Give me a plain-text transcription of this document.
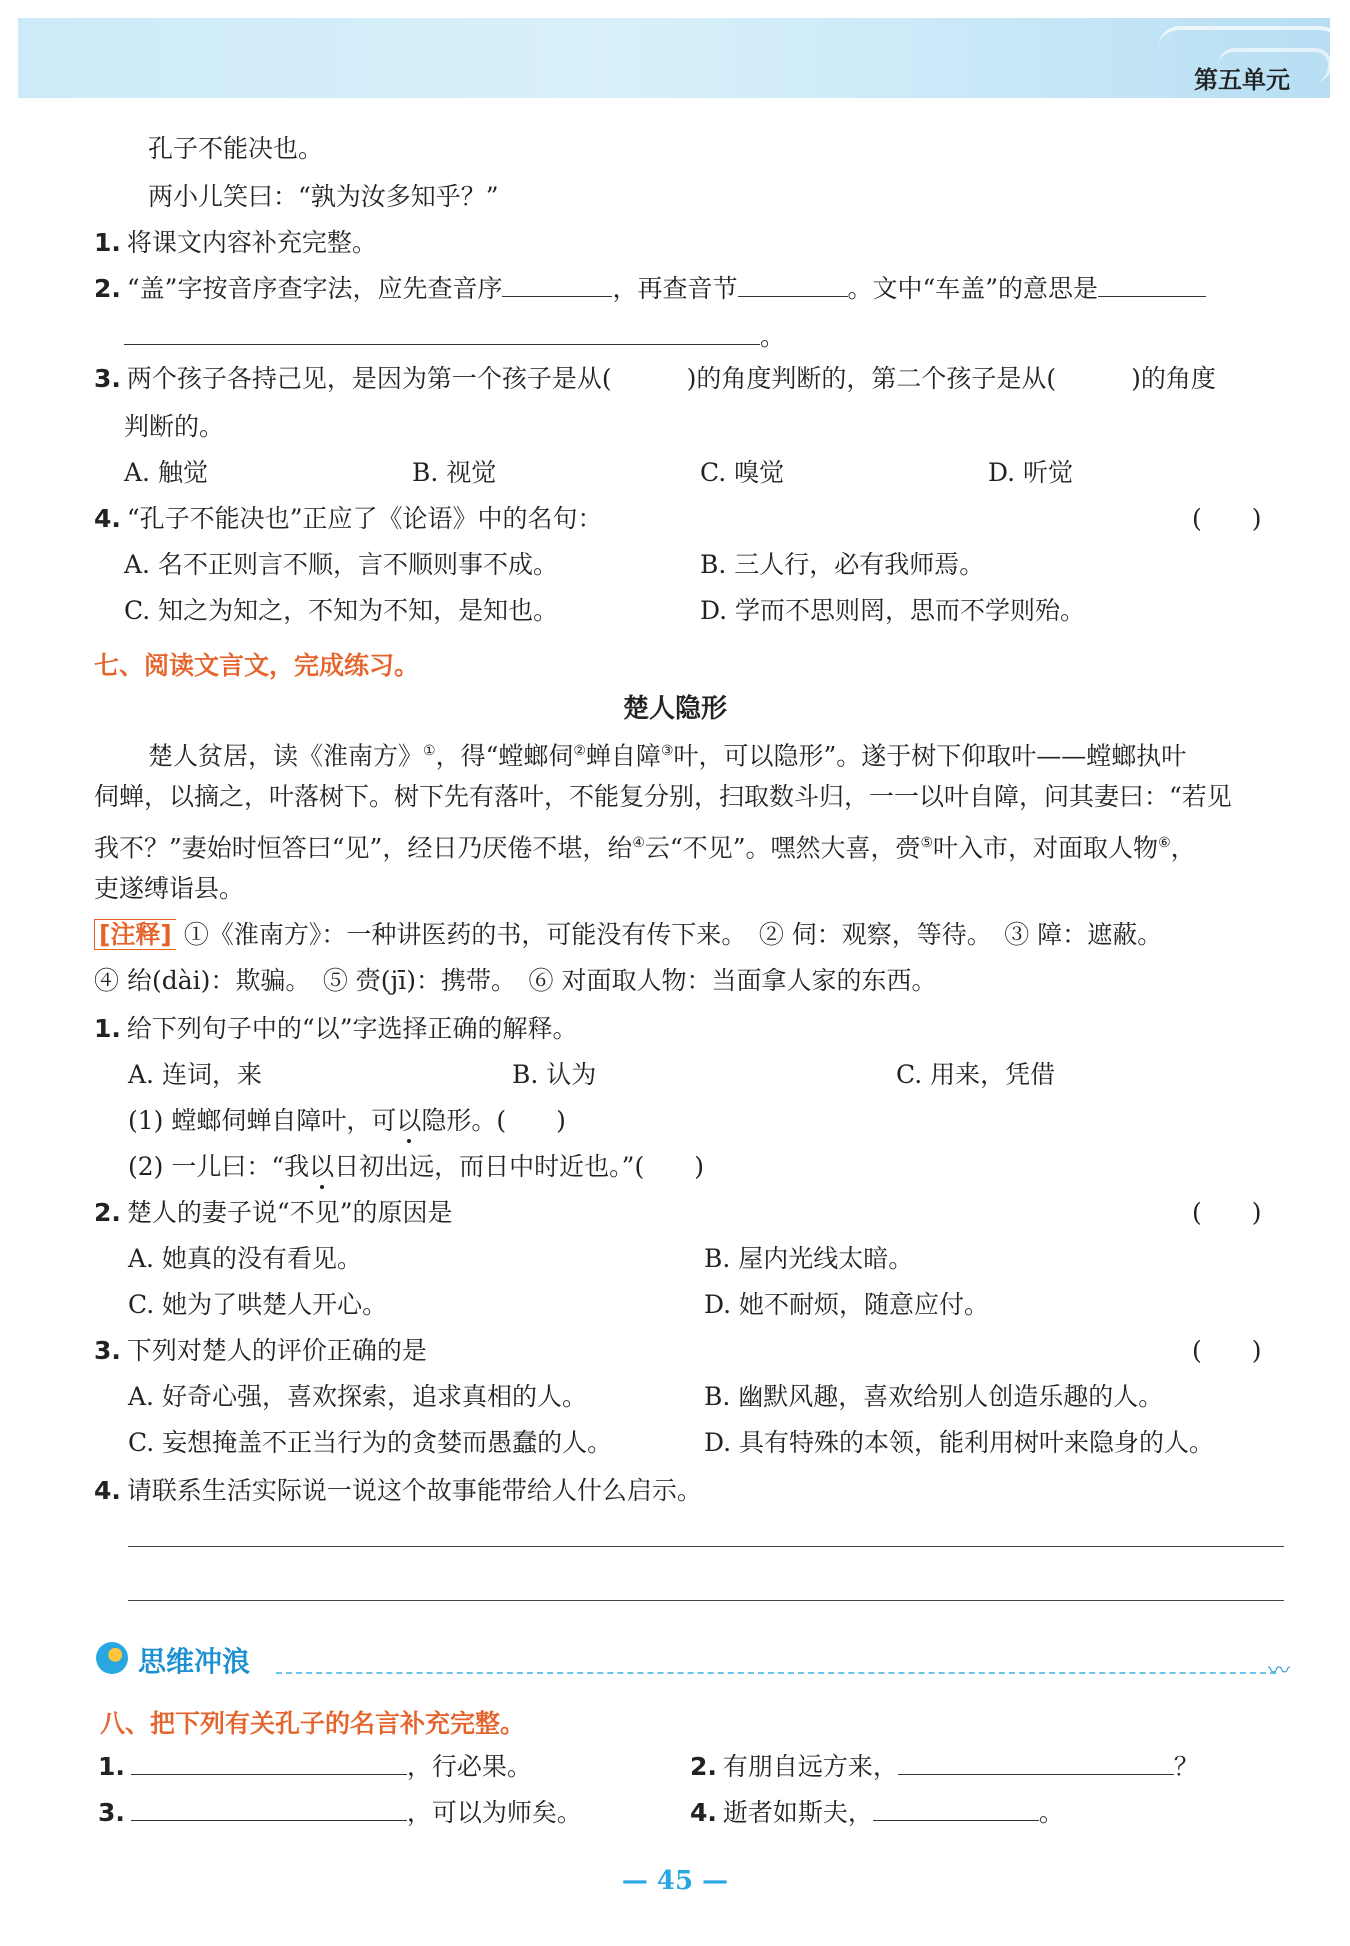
第五单元
孔子不能决也。
两小儿笑曰：“孰为汝多知乎？”
1. 将课文内容补充完整。
2. “盖”字按音序查字法，应先查音序	，再查音节	。文中“车盖”的意思是
。
3. 两个孩子各持己见，是因为第一个孩子是从(　　　)的角度判断的，第二个孩子是从(　　　)的角度
判断的。
A. 触觉	B. 视觉	C. 嗅觉	D. 听觉
4. “孔子不能决也”正应了《论语》中的名句：	(　　)
A. 名不正则言不顺，言不顺则事不成。	B. 三人行，必有我师焉。
C. 知之为知之，不知为不知，是知也。	D. 学而不思则罔，思而不学则殆。
七、阅读文言文，完成练习。
楚人隐形
楚人贫居，读《淮南方》①，得“螳螂伺②蝉自障③叶，可以隐形”。遂于树下仰取叶——螳螂执叶
伺蝉，以摘之，叶落树下。树下先有落叶，不能复分别，扫取数斗归，一一以叶自障，问其妻曰：“若见
我不？”妻始时恒答曰“见”，经日乃厌倦不堪，绐④云“不见”。嘿然大喜，赍⑤叶入市，对面取人物⑥，
吏遂缚诣县。
[注释] ①《淮南方》：一种讲医药的书，可能没有传下来。　② 伺：观察，等待。　③ 障：遮蔽。
④ 绐(dài)：欺骗。　⑤ 赍(jī)：携带。　⑥ 对面取人物：当面拿人家的东西。
1. 给下列句子中的“以”字选择正确的解释。
A. 连词，来	B. 认为	C. 用来，凭借
(1) 螳螂伺蝉自障叶，可以隐形。(　　)
(2) 一儿曰：“我以日初出远，而日中时近也。”(　　)
2. 楚人的妻子说“不见”的原因是	(　　)
A. 她真的没有看见。	B. 屋内光线太暗。
C. 她为了哄楚人开心。	D. 她不耐烦，随意应付。
3. 下列对楚人的评价正确的是	(　　)
A. 好奇心强，喜欢探索，追求真相的人。	B. 幽默风趣，喜欢给别人创造乐趣的人。
C. 妄想掩盖不正当行为的贪婪而愚蠢的人。	D. 具有特殊的本领，能利用树叶来隐身的人。
4. 请联系生活实际说一说这个故事能带给人什么启示。
思维冲浪	〰
八、把下列有关孔子的名言补充完整。
1.	，行必果。	2. 有朋自远方来，	？
3.	，可以为师矣。	4. 逝者如斯夫，	。
— 45 —
